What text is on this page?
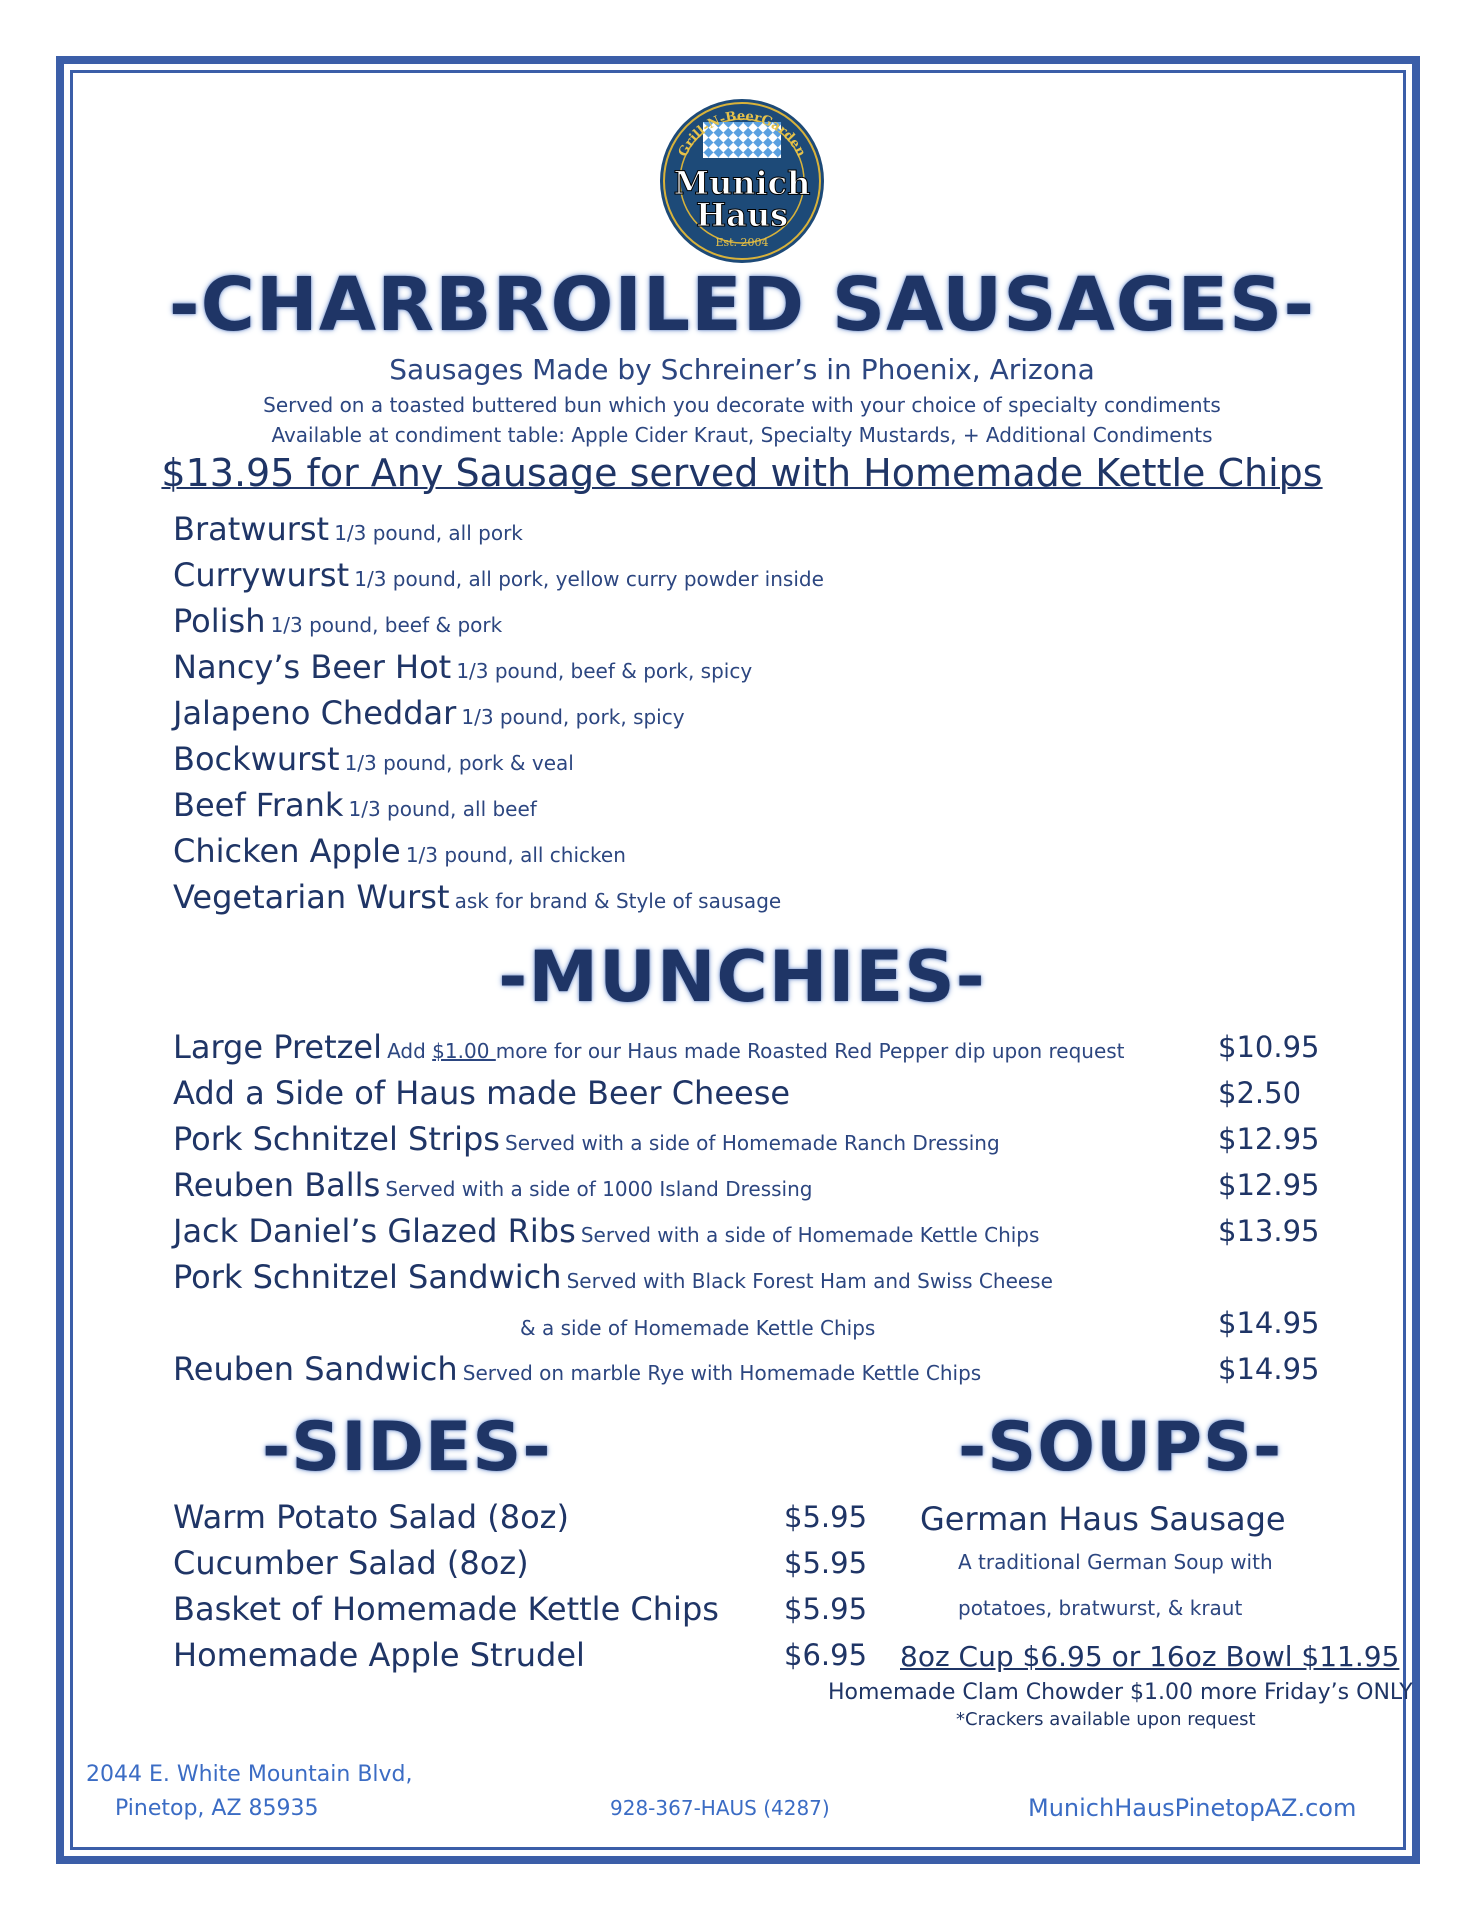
Grill-N-BeerGarden
Munich
Haus
Est. 2004
-CHARBROILED SAUSAGES-
Sausages Made by Schreiner’s in Phoenix, Arizona
Served on a toasted buttered bun which you decorate with your choice of specialty condiments
Available at condiment table: Apple Cider Kraut, Specialty Mustards, + Additional Condiments
$13.95 for Any Sausage served with Homemade Kettle Chips
Bratwurst 1/3 pound, all pork
Currywurst 1/3 pound, all pork, yellow curry powder inside
Polish 1/3 pound, beef & pork
Nancy’s Beer Hot 1/3 pound, beef & pork, spicy
Jalapeno Cheddar 1/3 pound, pork, spicy
Bockwurst 1/3 pound, pork & veal
Beef Frank 1/3 pound, all beef
Chicken Apple 1/3 pound, all chicken
Vegetarian Wurst ask for brand & Style of sausage
-MUNCHIES-
Large Pretzel Add $1.00 more for our Haus made Roasted Red Pepper dip upon request	$10.95
Add a Side of Haus made Beer Cheese	$2.50
Pork Schnitzel Strips Served with a side of Homemade Ranch Dressing	$12.95
Reuben Balls Served with a side of 1000 Island Dressing	$12.95
Jack Daniel’s Glazed Ribs Served with a side of Homemade Kettle Chips	$13.95
Pork Schnitzel Sandwich Served with Black Forest Ham and Swiss Cheese
& a side of Homemade Kettle Chips	$14.95
Reuben Sandwich Served on marble Rye with Homemade Kettle Chips	$14.95
-SIDES-
Warm Potato Salad (8oz)	$5.95
Cucumber Salad (8oz)	$5.95
Basket of Homemade Kettle Chips $5.95
Homemade Apple Strudel	$6.95
-SOUPS-
German Haus Sausage
A traditional German Soup with
potatoes, bratwurst, & kraut
8oz Cup $6.95 or 16oz Bowl $11.95
Homemade Clam Chowder $1.00 more Friday’s ONLY
*Crackers available upon request
2044 E. White Mountain Blvd,
Pinetop, AZ 85935	928-367-HAUS (4287)	MunichHausPinetopAZ.com
